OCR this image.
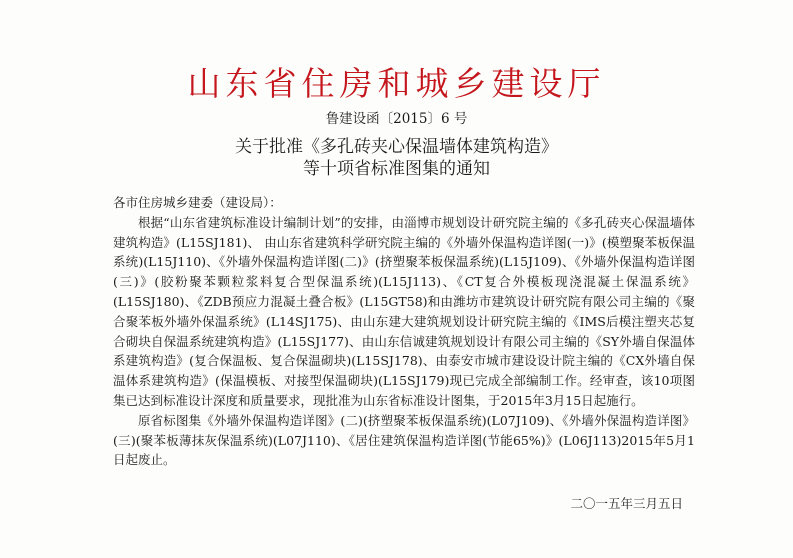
山东省住房和城乡建设厅
鲁建设函〔2015〕6 号
关于批准《多孔砖夹心保温墙体建筑构造》
等十项省标准图集的通知

各市住房城乡建委（建设局）：

根据“山东省建筑标准设计编制计划”的安排，由淄博市规划设计研究院主编的《多孔砖夹心保温墙体建筑构造》(L15SJ181)、 由山东省建筑科学研究院主编的《外墙外保温构造详图(一)》(模塑聚苯板保温系统)(L15J110)、《外墙外保温构造详图(二)》(挤塑聚苯板保温系统)(L15J109)、《外墙外保温构造详图(三)》(胶粉聚苯颗粒浆料复合型保温系统)(L15J113)、《CT复合外模板现浇混凝土保温系统》(L15SJ180)、《ZDB预应力混凝土叠合板》(L15GT58)和由潍坊市建筑设计研究院有限公司主编的《聚合聚苯板外墙外保温系统》(L14SJ175)、由山东建大建筑规划设计研究院主编的《IMS后模注塑夹芯复合砌块自保温系统建筑构造》(L15SJ177)、由山东信诚建筑规划设计有限公司主编的《SY外墙自保温体系建筑构造》(复合保温板、复合保温砌块)(L15SJ178)、由泰安市城市建设设计院主编的《CX外墙自保温体系建筑构造》(保温模板、对接型保温砌块)(L15SJ179)现已完成全部编制工作。经审查，该10项图集已达到标准设计深度和质量要求，现批准为山东省标准设计图集，于2015年3月15日起施行。

原省标图集《外墙外保温构造详图》(二)(挤塑聚苯板保温系统)(L07J109)、《外墙外保温构造详图》(三)(聚苯板薄抹灰保温系统)(L07J110)、《居住建筑保温构造详图(节能65%)》(L06J113)2015年5月1日起废止。

二〇一五年三月五日
